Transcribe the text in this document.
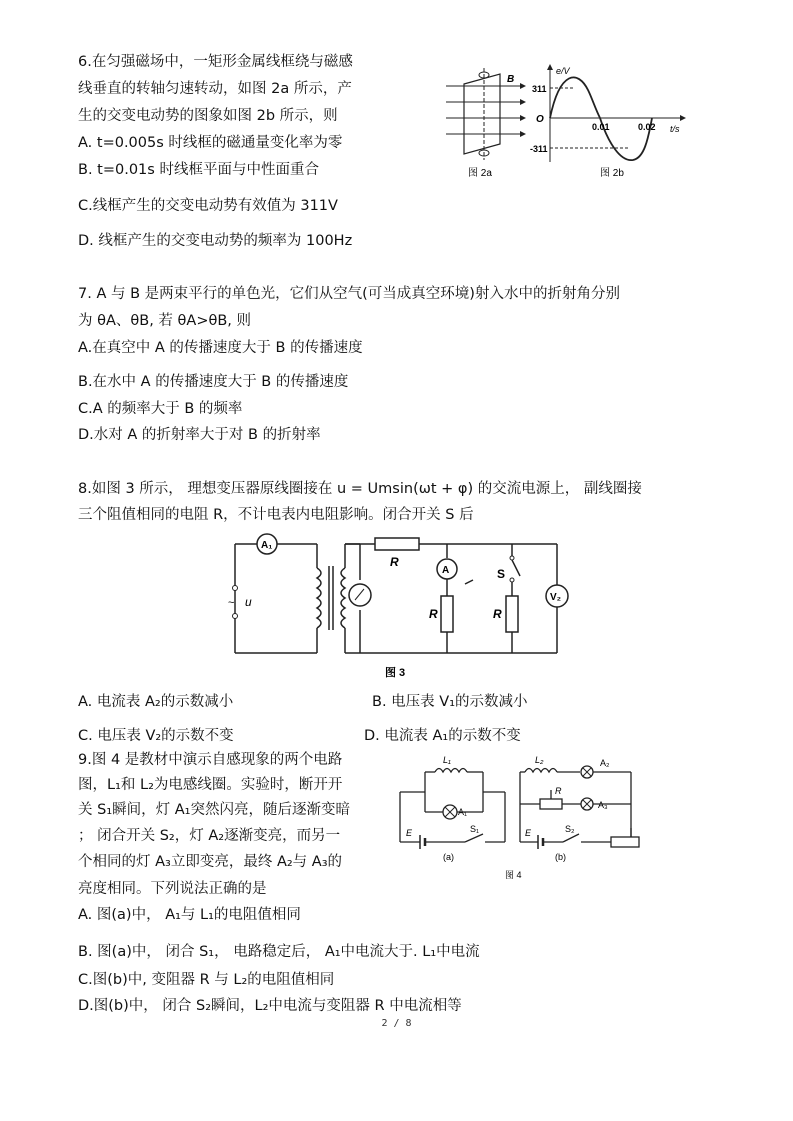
6.在匀强磁场中，一矩形金属线框绕与磁感
线垂直的转轴匀速转动，如图 2a 所示，产
生的交变电动势的图象如图 2b 所示，则
A. t=0.005s 时线框的磁通量变化率为零
B. t=0.01s 时线框平面与中性面重合
C.线框产生的交变电动势有效值为 311V
D. 线框产生的交变电动势的频率为 100Hz
B
图 2a
e/V
t/s
311
-311
O
0.01	0.02
图 2b
7. A 与 B 是两束平行的单色光，它们从空气(可当成真空环境)射入水中的折射角分别
为 θA、θB, 若 θA>θB, 则
A.在真空中 A 的传播速度大于 B 的传播速度
B.在水中 A 的传播速度大于 B 的传播速度
C.A 的频率大于 B 的频率
D.水对 A 的折射率大于对 B 的折射率
8.如图 3 所示， 理想变压器原线圈接在 u = Umsin(ωt + φ) 的交流电源上， 副线圈接
三个阻值相同的电阻 R，不计电表内电阻影响。闭合开关 S 后
A₁
~ u
R
A
R
S
R
V₂
图 3
A. 电流表 A₂的示数减小	B. 电压表 V₁的示数减小
C. 电压表 V₂的示数不变	D. 电流表 A₁的示数不变
9.图 4 是教材中演示自感现象的两个电路
图，L₁和 L₂为电感线圈。实验时，断开开
关 S₁瞬间，灯 A₁突然闪亮，随后逐渐变暗
； 闭合开关 S₂，灯 A₂逐渐变亮，而另一
个相同的灯 A₃立即变亮，最终 A₂与 A₃的
亮度相同。下列说法正确的是
A. 图(a)中， A₁与 L₁的电阻值相同
B. 图(a)中， 闭合 S₁， 电路稳定后， A₁中电流大于. L₁中电流
C.图(b)中, 变阻器 R 与 L₂的电阻值相同
D.图(b)中， 闭合 S₂瞬间，L₂中电流与变阻器 R 中电流相等
L₁
A₁
E	S₁
(a)
L₂	A₂
R
A₃
E	S₂
(b)
图 4
2 / 8
